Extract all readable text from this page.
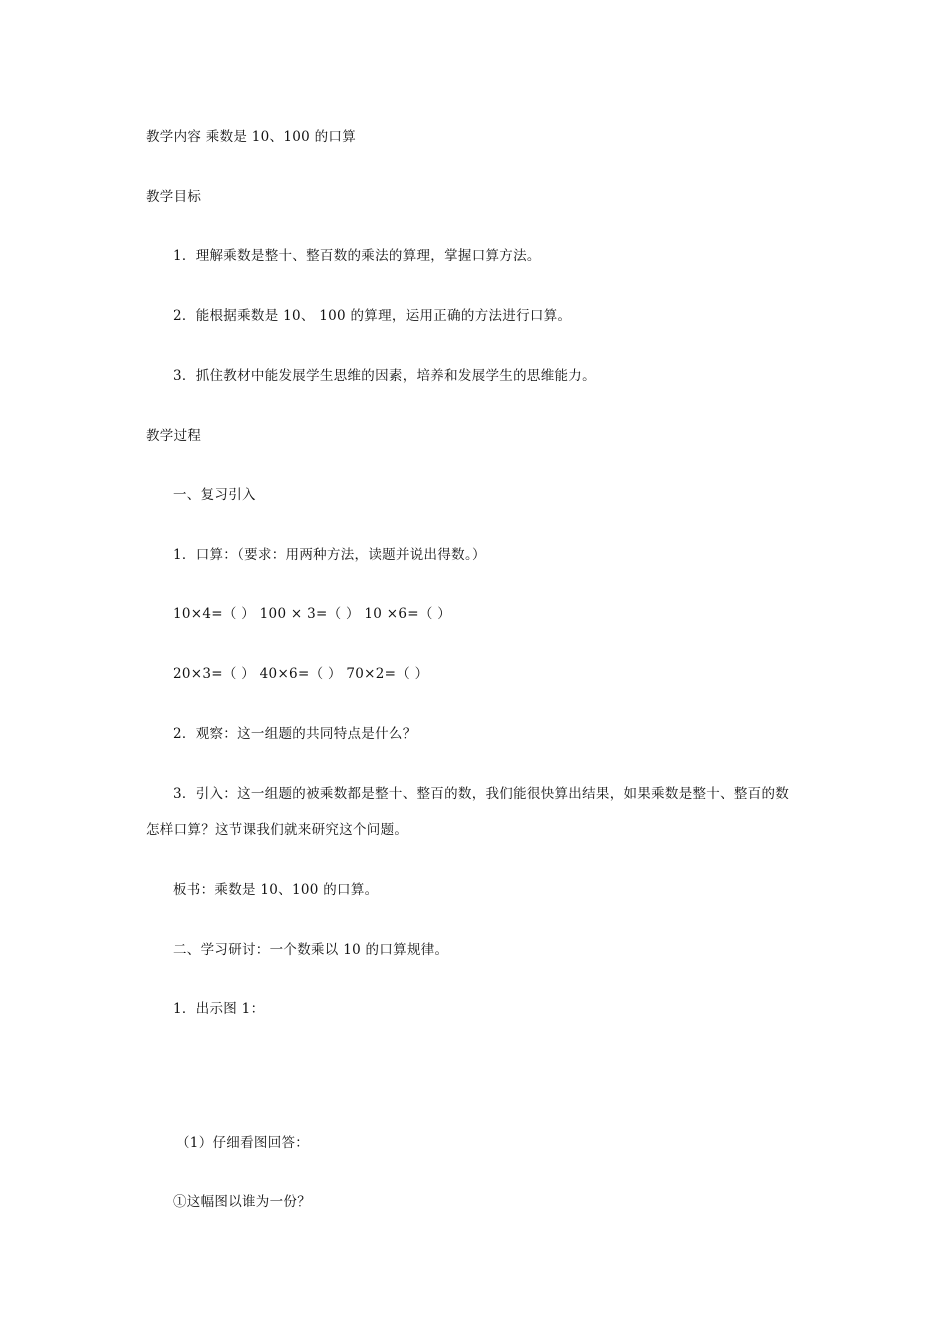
教学内容 乘数是 10、100 的口算
教学目标
1．理解乘数是整十、整百数的乘法的算理，掌握口算方法。
2．能根据乘数是 10、 100 的算理，运用正确的方法进行口算。
3．抓住教材中能发展学生思维的因素，培养和发展学生的思维能力。
教学过程
一、复习引入
1．口算：（要求：用两种方法，读题并说出得数。）
10×4=（ ） 100 × 3=（ ） 10 ×6=（ ）
20×3=（ ） 40×6=（ ） 70×2=（ ）
2．观察：这一组题的共同特点是什么？
3．引入：这一组题的被乘数都是整十、整百的数，我们能很快算出结果，如果乘数是整十、整百的数
怎样口算？这节课我们就来研究这个问题。
板书：乘数是 10、100 的口算。
二、学习研讨：一个数乘以 10 的口算规律。
1．出示图 1：
（1）仔细看图回答：
①这幅图以谁为一份？
